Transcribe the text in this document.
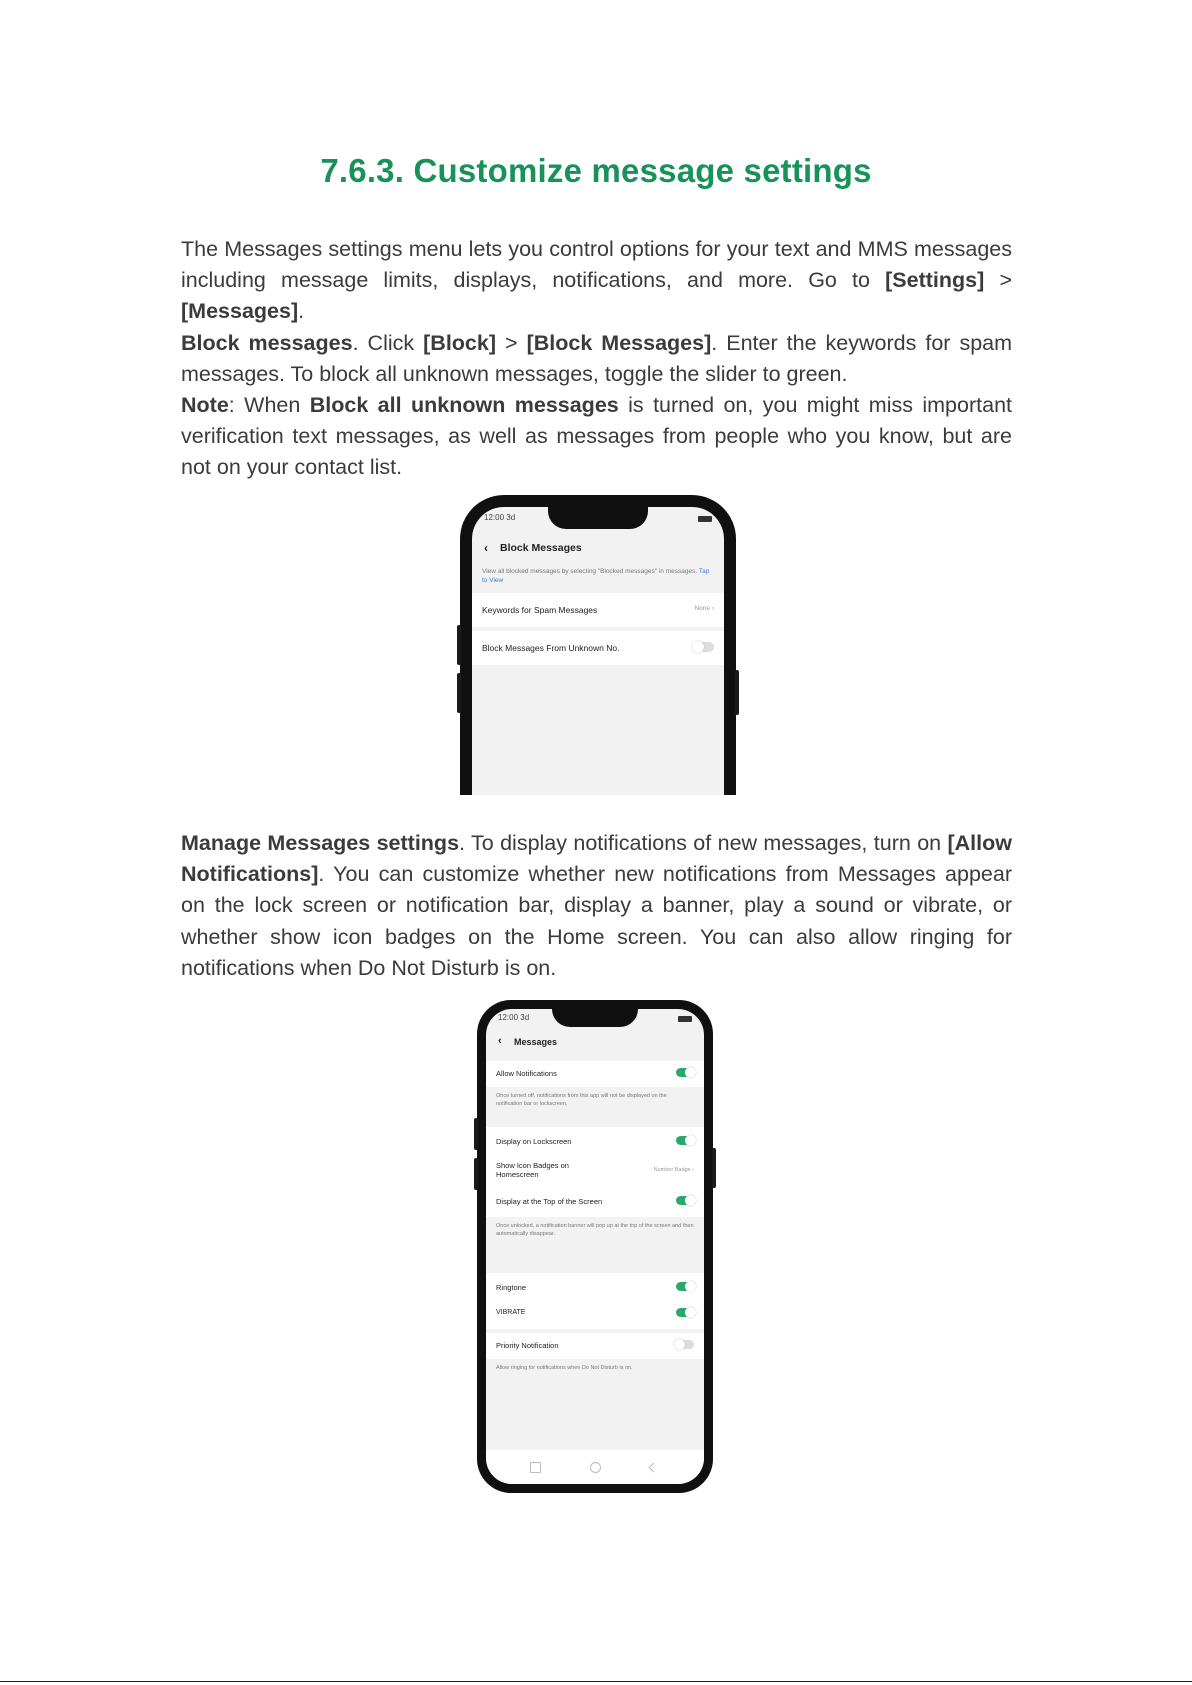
7.6.3. Customize message settings

The Messages settings menu lets you control options for your text and MMS messages including message limits, displays, notifications, and more. Go to [Settings] > [Messages].

Block messages. Click [Block] > [Block Messages]. Enter the keywords for spam messages. To block all unknown messages, toggle the slider to green.

Note: When Block all unknown messages is turned on, you might miss important verification text messages, as well as messages from people who you know, but are not on your contact list.

12:00 3d
‹ Block Messages
View all blocked messages by selecting "Blocked messages" in messages. Tap to View
Keywords for Spam Messages	None ›
Block Messages From Unknown No.

Manage Messages settings. To display notifications of new messages, turn on [Allow Notifications]. You can customize whether new notifications from Messages appear on the lock screen or notification bar, display a banner, play a sound or vibrate, or whether show icon badges on the Home screen. You can also allow ringing for notifications when Do Not Disturb is on.

12:00 3d
‹ Messages
Allow Notifications
Once turned off, notifications from this app will not be displayed on the notification bar or lockscreen.
Display on Lockscreen
Show Icon Badges on Homescreen	Number Badge ›
Display at the Top of the Screen
Once unlocked, a notification banner will pop up at the top of the screen and then automatically disappear.
Ringtone
VIBRATE
Priority Notification
Allow ringing for notifications when Do Not Disturb is on.
